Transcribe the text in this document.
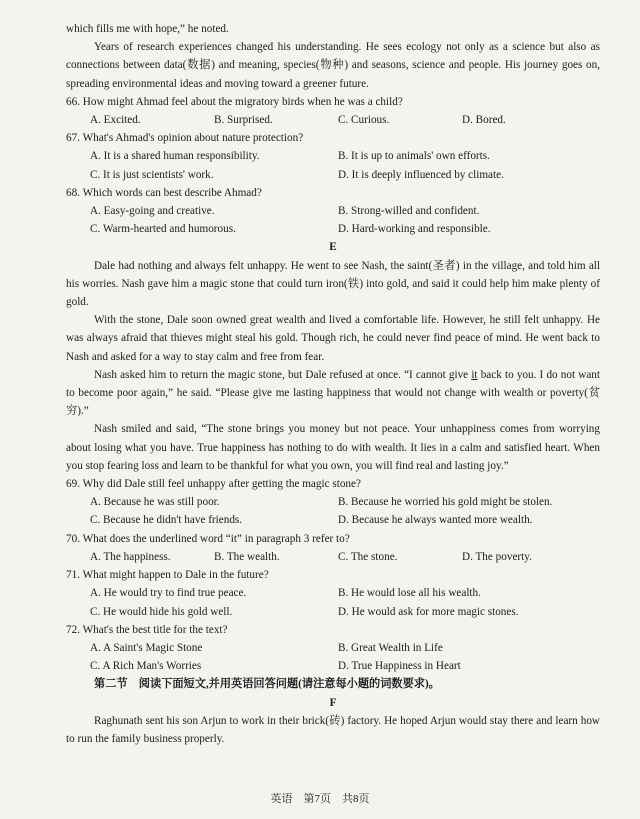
which fills me with hope,” he noted.

Years of research experiences changed his understanding. He sees ecology not only as a science but also as connections between data(数据) and meaning, species(物种) and seasons, science and people. His journey goes on, spreading environmental ideas and moving toward a greener future.

66. How might Ahmad feel about the migratory birds when he was a child?

A. Excited.	B. Surprised.	C. Curious.	D. Bored.

67. What's Ahmad's opinion about nature protection?

A. It is a shared human responsibility.	B. It is up to animals' own efforts.
C. It is just scientists' work.	D. It is deeply influenced by climate.

68. Which words can best describe Ahmad?

A. Easy-going and creative.	B. Strong-willed and confident.
C. Warm-hearted and humorous.	D. Hard-working and responsible.

E

Dale had nothing and always felt unhappy. He went to see Nash, the saint(圣者) in the village, and told him all his worries. Nash gave him a magic stone that could turn iron(铁) into gold, and said it could help him make plenty of gold.

With the stone, Dale soon owned great wealth and lived a comfortable life. However, he still felt unhappy. He was always afraid that thieves might steal his gold. Though rich, he could never find peace of mind. He went back to Nash and asked for a way to stay calm and free from fear.

Nash asked him to return the magic stone, but Dale refused at once. “I cannot give it back to you. I do not want to become poor again,” he said. “Please give me lasting happiness that would not change with wealth or poverty(贫穷).”

Nash smiled and said, “The stone brings you money but not peace. Your unhappiness comes from worrying about losing what you have. True happiness has nothing to do with wealth. It lies in a calm and satisfied heart. When you stop fearing loss and learn to be thankful for what you own, you will find real and lasting joy.”

69. Why did Dale still feel unhappy after getting the magic stone?

A. Because he was still poor.	B. Because he worried his gold might be stolen.
C. Because he didn't have friends.	D. Because he always wanted more wealth.

70. What does the underlined word “it” in paragraph 3 refer to?

A. The happiness.	B. The wealth.	C. The stone.	D. The poverty.

71. What might happen to Dale in the future?

A. He would try to find true peace.	B. He would lose all his wealth.
C. He would hide his gold well.	D. He would ask for more magic stones.

72. What's the best title for the text?

A. A Saint's Magic Stone	B. Great Wealth in Life
C. A Rich Man's Worries	D. True Happiness in Heart

第二节　阅读下面短文,并用英语回答问题(请注意每小题的词数要求)。

F

Raghunath sent his son Arjun to work in their brick(砖) factory. He hoped Arjun would stay there and learn how to run the family business properly.

英语　第7页　共8页
